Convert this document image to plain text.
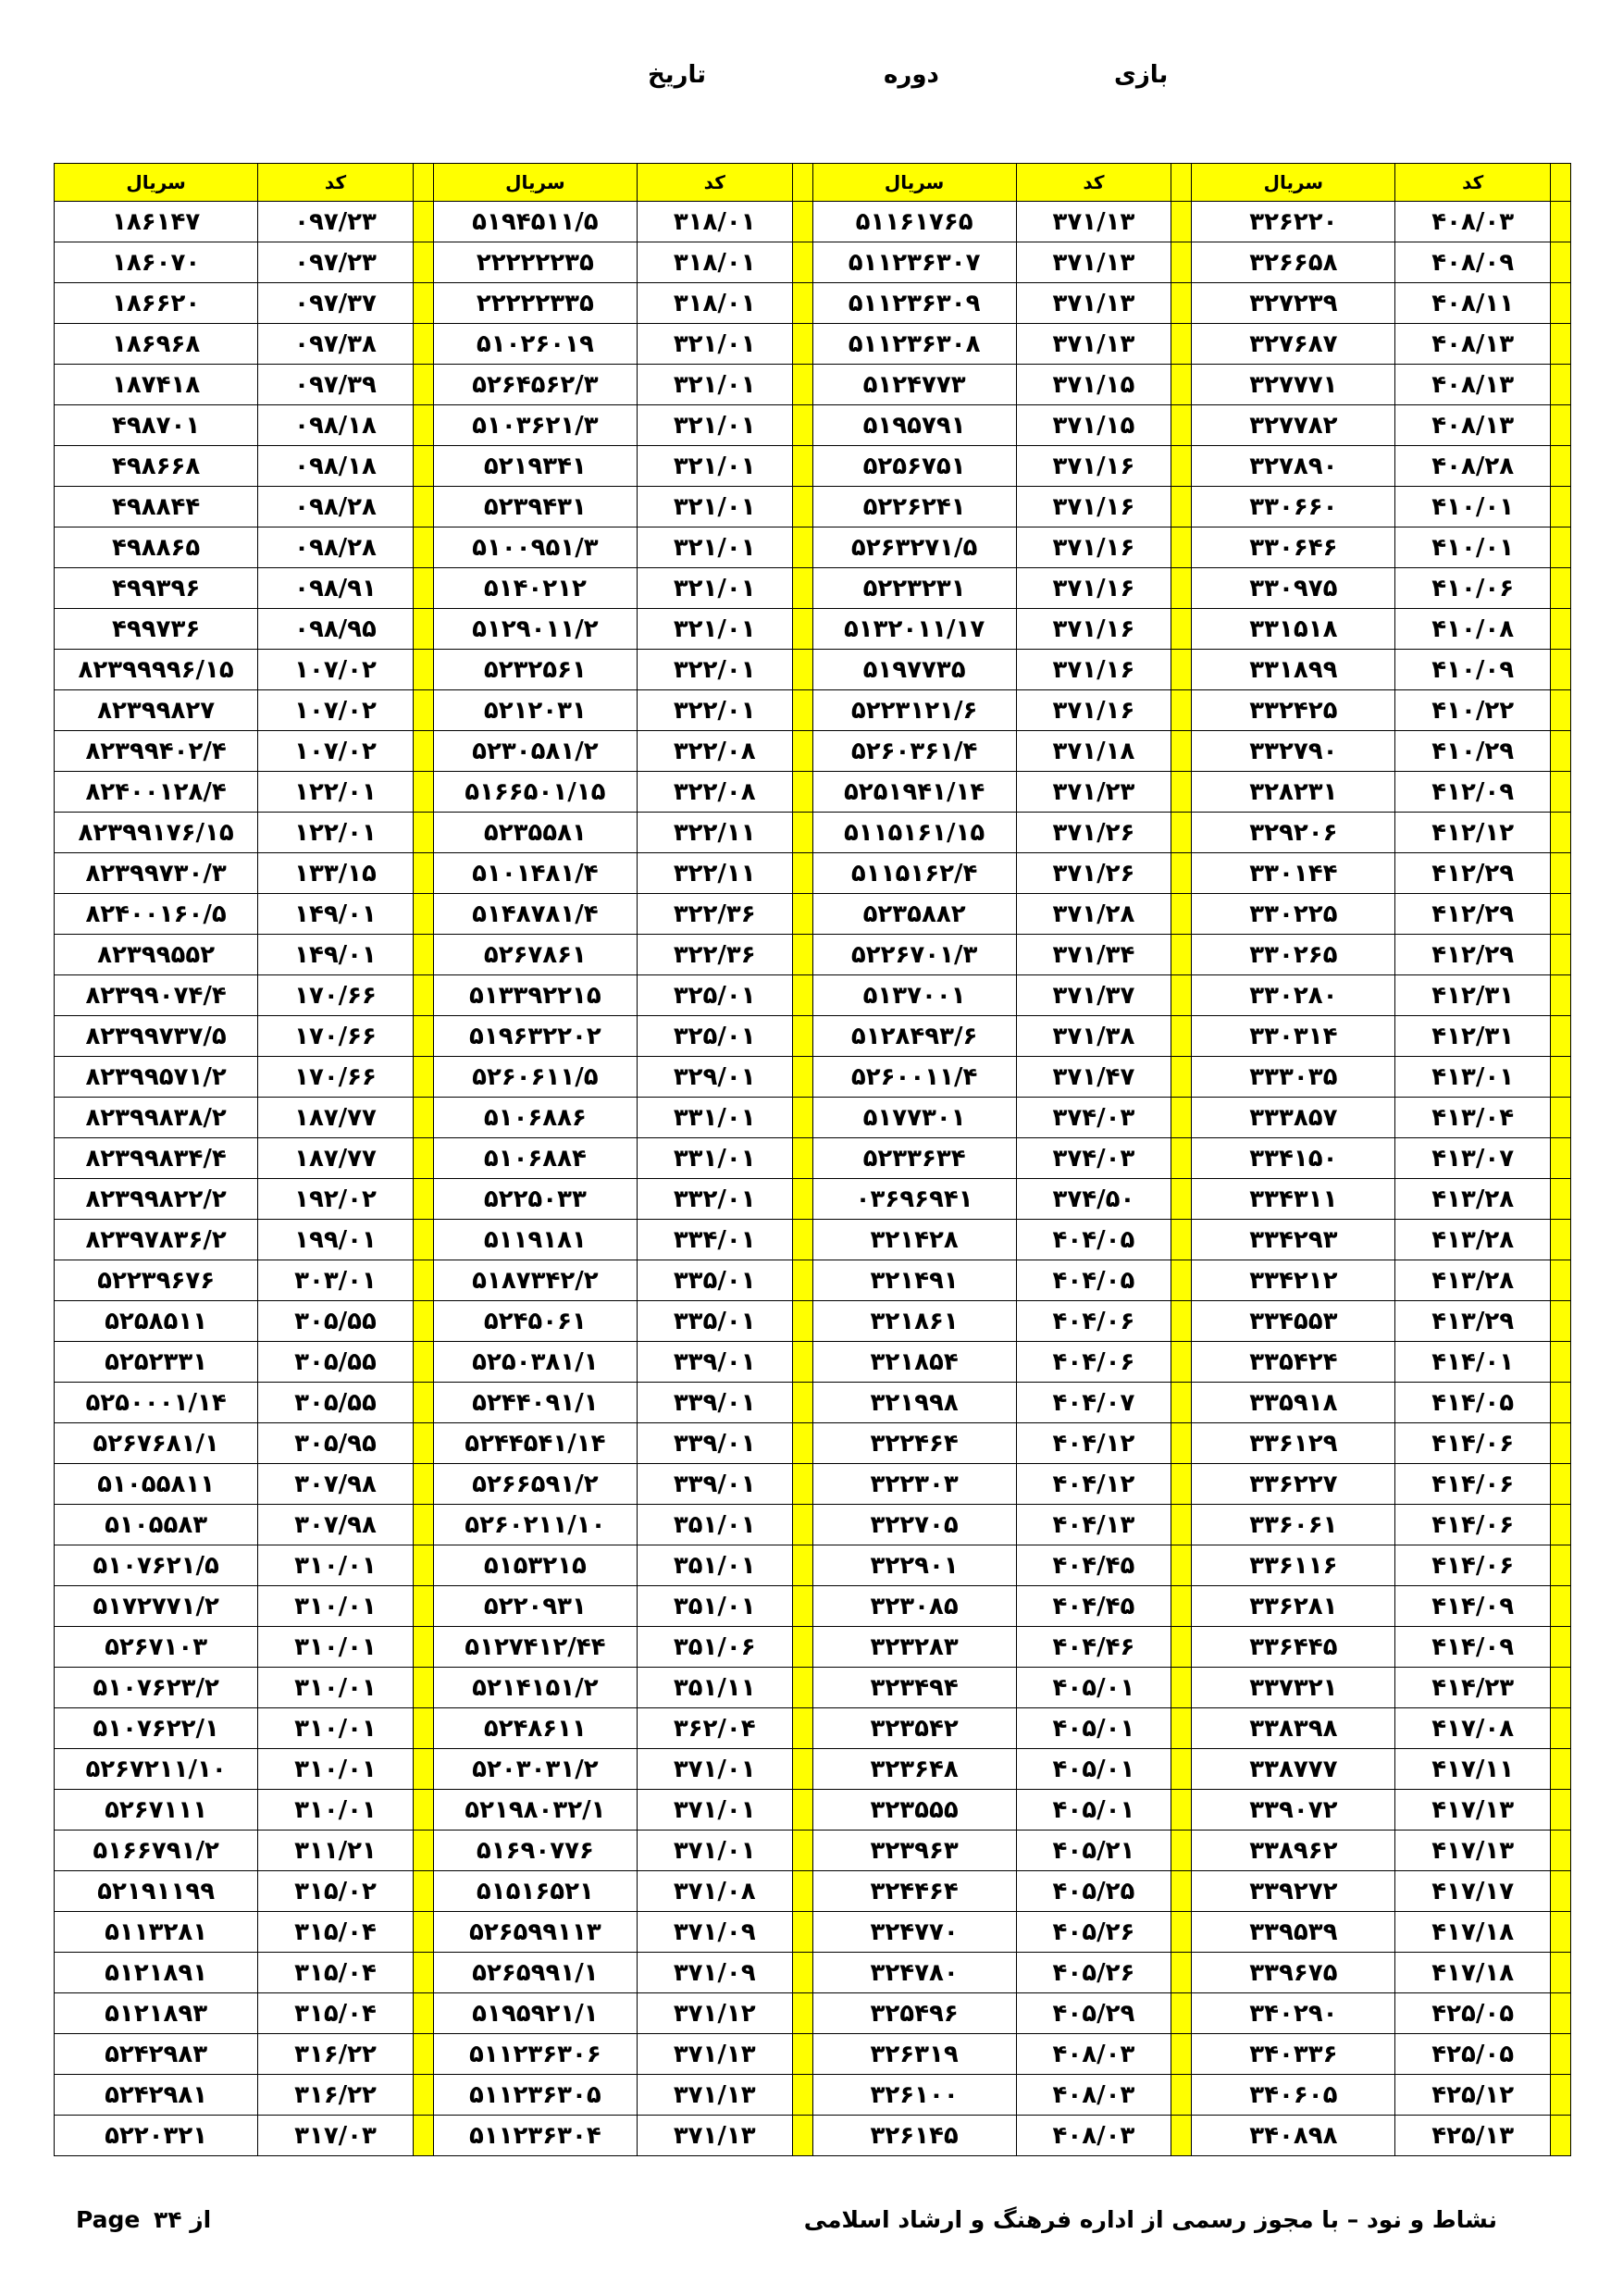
بازی
دوره
تاریخ
	کد	سریال		کد	سریال		کد	سریال		کد	سریال
	۴۰۸/۰۳	۳۲۶۲۲۰		۳۷۱/۱۳	۵۱۱۶۱۷۶۵		۳۱۸/۰۱	۵۱۹۴۵۱۱/۵		۰۹۷/۲۳	۱۸۶۱۴۷
	۴۰۸/۰۹	۳۲۶۶۵۸		۳۷۱/۱۳	۵۱۱۲۳۶۳۰۷		۳۱۸/۰۱	۲۲۲۲۲۲۳۵		۰۹۷/۲۳	۱۸۶۰۷۰
	۴۰۸/۱۱	۳۲۷۲۳۹		۳۷۱/۱۳	۵۱۱۲۳۶۳۰۹		۳۱۸/۰۱	۲۲۲۲۲۳۳۵		۰۹۷/۳۷	۱۸۶۶۲۰
	۴۰۸/۱۳	۳۲۷۶۸۷		۳۷۱/۱۳	۵۱۱۲۳۶۳۰۸		۳۲۱/۰۱	۵۱۰۲۶۰۱۹		۰۹۷/۳۸	۱۸۶۹۶۸
	۴۰۸/۱۳	۳۲۷۷۷۱		۳۷۱/۱۵	۵۱۲۴۷۷۳		۳۲۱/۰۱	۵۲۶۴۵۶۲/۳		۰۹۷/۳۹	۱۸۷۴۱۸
	۴۰۸/۱۳	۳۲۷۷۸۲		۳۷۱/۱۵	۵۱۹۵۷۹۱		۳۲۱/۰۱	۵۱۰۳۶۲۱/۳		۰۹۸/۱۸	۴۹۸۷۰۱
	۴۰۸/۲۸	۳۲۷۸۹۰		۳۷۱/۱۶	۵۲۵۶۷۵۱		۳۲۱/۰۱	۵۲۱۹۳۴۱		۰۹۸/۱۸	۴۹۸۶۶۸
	۴۱۰/۰۱	۳۳۰۶۶۰		۳۷۱/۱۶	۵۲۲۶۲۴۱		۳۲۱/۰۱	۵۲۳۹۴۳۱		۰۹۸/۲۸	۴۹۸۸۴۴
	۴۱۰/۰۱	۳۳۰۶۴۶		۳۷۱/۱۶	۵۲۶۳۲۷۱/۵		۳۲۱/۰۱	۵۱۰۰۹۵۱/۳		۰۹۸/۲۸	۴۹۸۸۶۵
	۴۱۰/۰۶	۳۳۰۹۷۵		۳۷۱/۱۶	۵۲۲۳۲۳۱		۳۲۱/۰۱	۵۱۴۰۲۱۲		۰۹۸/۹۱	۴۹۹۳۹۶
	۴۱۰/۰۸	۳۳۱۵۱۸		۳۷۱/۱۶	۵۱۳۲۰۱۱/۱۷		۳۲۱/۰۱	۵۱۲۹۰۱۱/۲		۰۹۸/۹۵	۴۹۹۷۳۶
	۴۱۰/۰۹	۳۳۱۸۹۹		۳۷۱/۱۶	۵۱۹۷۷۳۵		۳۲۲/۰۱	۵۲۳۲۵۶۱		۱۰۷/۰۲	۸۲۳۹۹۹۹۶/۱۵
	۴۱۰/۲۲	۳۳۲۴۲۵		۳۷۱/۱۶	۵۲۲۳۱۲۱/۶		۳۲۲/۰۱	۵۲۱۲۰۳۱		۱۰۷/۰۲	۸۲۳۹۹۸۲۷
	۴۱۰/۲۹	۳۳۲۷۹۰		۳۷۱/۱۸	۵۲۶۰۳۶۱/۴		۳۲۲/۰۸	۵۲۳۰۵۸۱/۲		۱۰۷/۰۲	۸۲۳۹۹۴۰۲/۴
	۴۱۲/۰۹	۳۲۸۲۳۱		۳۷۱/۲۳	۵۲۵۱۹۴۱/۱۴		۳۲۲/۰۸	۵۱۶۶۵۰۱/۱۵		۱۲۲/۰۱	۸۲۴۰۰۱۲۸/۴
	۴۱۲/۱۲	۳۲۹۲۰۶		۳۷۱/۲۶	۵۱۱۵۱۶۱/۱۵		۳۲۲/۱۱	۵۲۳۵۵۸۱		۱۲۲/۰۱	۸۲۳۹۹۱۷۶/۱۵
	۴۱۲/۲۹	۳۳۰۱۴۴		۳۷۱/۲۶	۵۱۱۵۱۶۲/۴		۳۲۲/۱۱	۵۱۰۱۴۸۱/۴		۱۳۳/۱۵	۸۲۳۹۹۷۳۰/۳
	۴۱۲/۲۹	۳۳۰۲۲۵		۳۷۱/۲۸	۵۲۳۵۸۸۲		۳۲۲/۳۶	۵۱۴۸۷۸۱/۴		۱۴۹/۰۱	۸۲۴۰۰۱۶۰/۵
	۴۱۲/۲۹	۳۳۰۲۶۵		۳۷۱/۳۴	۵۲۲۶۷۰۱/۳		۳۲۲/۳۶	۵۲۶۷۸۶۱		۱۴۹/۰۱	۸۲۳۹۹۵۵۲
	۴۱۲/۳۱	۳۳۰۲۸۰		۳۷۱/۳۷	۵۱۳۷۰۰۱		۳۲۵/۰۱	۵۱۳۳۹۲۲۱۵		۱۷۰/۶۶	۸۲۳۹۹۰۷۴/۴
	۴۱۲/۳۱	۳۳۰۳۱۴		۳۷۱/۳۸	۵۱۲۸۴۹۳/۶		۳۲۵/۰۱	۵۱۹۶۳۲۲۰۲		۱۷۰/۶۶	۸۲۳۹۹۷۳۷/۵
	۴۱۳/۰۱	۳۳۳۰۳۵		۳۷۱/۴۷	۵۲۶۰۰۱۱/۴		۳۲۹/۰۱	۵۲۶۰۶۱۱/۵		۱۷۰/۶۶	۸۲۳۹۹۵۷۱/۲
	۴۱۳/۰۴	۳۳۳۸۵۷		۳۷۴/۰۳	۵۱۷۷۳۰۱		۳۳۱/۰۱	۵۱۰۶۸۸۶		۱۸۷/۷۷	۸۲۳۹۹۸۳۸/۲
	۴۱۳/۰۷	۳۳۴۱۵۰		۳۷۴/۰۳	۵۲۳۳۶۳۴		۳۳۱/۰۱	۵۱۰۶۸۸۴		۱۸۷/۷۷	۸۲۳۹۹۸۳۴/۴
	۴۱۳/۲۸	۳۳۴۳۱۱		۳۷۴/۵۰	۰۳۶۹۶۹۴۱		۳۳۲/۰۱	۵۲۲۵۰۳۳		۱۹۲/۰۲	۸۲۳۹۹۸۲۲/۲
	۴۱۳/۲۸	۳۳۴۲۹۳		۴۰۴/۰۵	۳۲۱۴۲۸		۳۳۴/۰۱	۵۱۱۹۱۸۱		۱۹۹/۰۱	۸۲۳۹۷۸۳۶/۲
	۴۱۳/۲۸	۳۳۴۲۱۲		۴۰۴/۰۵	۳۲۱۴۹۱		۳۳۵/۰۱	۵۱۸۷۳۴۲/۲		۳۰۳/۰۱	۵۲۲۳۹۶۷۶
	۴۱۳/۲۹	۳۳۴۵۵۳		۴۰۴/۰۶	۳۲۱۸۶۱		۳۳۵/۰۱	۵۲۴۵۰۶۱		۳۰۵/۵۵	۵۲۵۸۵۱۱
	۴۱۴/۰۱	۳۳۵۴۲۴		۴۰۴/۰۶	۳۲۱۸۵۴		۳۳۹/۰۱	۵۲۵۰۳۸۱/۱		۳۰۵/۵۵	۵۲۵۲۳۳۱
	۴۱۴/۰۵	۳۳۵۹۱۸		۴۰۴/۰۷	۳۲۱۹۹۸		۳۳۹/۰۱	۵۲۴۴۰۹۱/۱		۳۰۵/۵۵	۵۲۵۰۰۰۱/۱۴
	۴۱۴/۰۶	۳۳۶۱۲۹		۴۰۴/۱۲	۳۲۲۴۶۴		۳۳۹/۰۱	۵۲۴۴۵۴۱/۱۴		۳۰۵/۹۵	۵۲۶۷۶۸۱/۱
	۴۱۴/۰۶	۳۳۶۲۲۷		۴۰۴/۱۲	۳۲۲۳۰۳		۳۳۹/۰۱	۵۲۶۶۵۹۱/۲		۳۰۷/۹۸	۵۱۰۵۵۸۱۱
	۴۱۴/۰۶	۳۳۶۰۶۱		۴۰۴/۱۳	۳۲۲۷۰۵		۳۵۱/۰۱	۵۲۶۰۲۱۱/۱۰		۳۰۷/۹۸	۵۱۰۵۵۸۳
	۴۱۴/۰۶	۳۳۶۱۱۶		۴۰۴/۴۵	۳۲۲۹۰۱		۳۵۱/۰۱	۵۱۵۳۲۱۵		۳۱۰/۰۱	۵۱۰۷۶۲۱/۵
	۴۱۴/۰۹	۳۳۶۲۸۱		۴۰۴/۴۵	۳۲۳۰۸۵		۳۵۱/۰۱	۵۲۲۰۹۳۱		۳۱۰/۰۱	۵۱۷۲۷۷۱/۲
	۴۱۴/۰۹	۳۳۶۴۴۵		۴۰۴/۴۶	۳۲۳۲۸۳		۳۵۱/۰۶	۵۱۲۷۴۱۲/۴۴		۳۱۰/۰۱	۵۲۶۷۱۰۳
	۴۱۴/۲۳	۳۳۷۳۲۱		۴۰۵/۰۱	۳۲۳۴۹۴		۳۵۱/۱۱	۵۲۱۴۱۵۱/۲		۳۱۰/۰۱	۵۱۰۷۶۲۳/۲
	۴۱۷/۰۸	۳۳۸۳۹۸		۴۰۵/۰۱	۳۲۳۵۴۲		۳۶۲/۰۴	۵۲۴۸۶۱۱		۳۱۰/۰۱	۵۱۰۷۶۲۲/۱
	۴۱۷/۱۱	۳۳۸۷۷۷		۴۰۵/۰۱	۳۲۳۶۴۸		۳۷۱/۰۱	۵۲۰۳۰۳۱/۲		۳۱۰/۰۱	۵۲۶۷۲۱۱/۱۰
	۴۱۷/۱۳	۳۳۹۰۷۲		۴۰۵/۰۱	۳۲۳۵۵۵		۳۷۱/۰۱	۵۲۱۹۸۰۳۲/۱		۳۱۰/۰۱	۵۲۶۷۱۱۱
	۴۱۷/۱۳	۳۳۸۹۶۲		۴۰۵/۲۱	۳۲۳۹۶۳		۳۷۱/۰۱	۵۱۶۹۰۷۷۶		۳۱۱/۲۱	۵۱۶۶۷۹۱/۲
	۴۱۷/۱۷	۳۳۹۲۷۲		۴۰۵/۲۵	۳۲۴۴۶۴		۳۷۱/۰۸	۵۱۵۱۶۵۲۱		۳۱۵/۰۲	۵۲۱۹۱۱۹۹
	۴۱۷/۱۸	۳۳۹۵۳۹		۴۰۵/۲۶	۳۲۴۷۷۰		۳۷۱/۰۹	۵۲۶۵۹۹۱۱۳		۳۱۵/۰۴	۵۱۱۳۲۸۱
	۴۱۷/۱۸	۳۳۹۶۷۵		۴۰۵/۲۶	۳۲۴۷۸۰		۳۷۱/۰۹	۵۲۶۵۹۹۱/۱		۳۱۵/۰۴	۵۱۲۱۸۹۱
	۴۲۵/۰۵	۳۴۰۲۹۰		۴۰۵/۲۹	۳۲۵۴۹۶		۳۷۱/۱۲	۵۱۹۵۹۲۱/۱		۳۱۵/۰۴	۵۱۲۱۸۹۳
	۴۲۵/۰۵	۳۴۰۳۳۶		۴۰۸/۰۳	۳۲۶۳۱۹		۳۷۱/۱۳	۵۱۱۲۳۶۳۰۶		۳۱۶/۲۲	۵۲۴۲۹۸۳
	۴۲۵/۱۲	۳۴۰۶۰۵		۴۰۸/۰۳	۳۲۶۱۰۰		۳۷۱/۱۳	۵۱۱۲۳۶۳۰۵		۳۱۶/۲۲	۵۲۴۲۹۸۱
	۴۲۵/۱۳	۳۴۰۸۹۸		۴۰۸/۰۳	۳۲۶۱۴۵		۳۷۱/۱۳	۵۱۱۲۳۶۳۰۴		۳۱۷/۰۳	۵۲۲۰۳۲۱
نشاط و نود – با مجوز رسمی از اداره فرهنگ و ارشاد اسلامی
از ۳۴
Page
